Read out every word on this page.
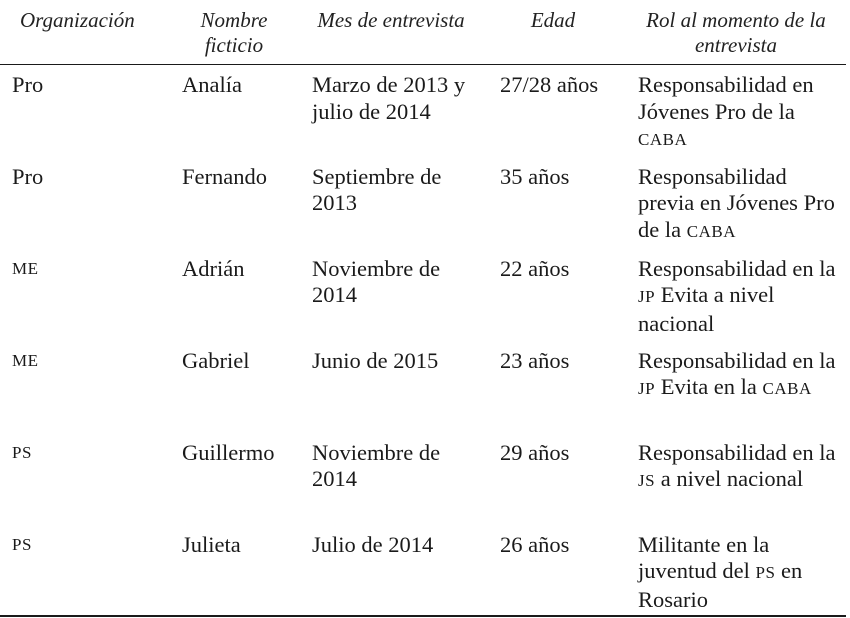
Organización	Nombre ficticio	Mes de entrevista	Edad	Rol al momento de la entrevista
Pro	Analía	Marzo de 2013 y julio de 2014	27/28 años	Responsabilidad en Jóvenes Pro de la CABA
Pro	Fernando	Septiembre de 2013	35 años	Responsabilidad previa en Jóvenes Pro de la CABA
ME	Adrián	Noviembre de 2014	22 años	Responsabilidad en la JP Evita a nivel nacional
ME	Gabriel	Junio de 2015	23 años	Responsabilidad en la JP Evita en la CABA
PS	Guillermo	Noviembre de 2014	29 años	Responsabilidad en la JS a nivel nacional
PS	Julieta	Julio de 2014	26 años	Militante en la juventud del PS en Rosario
